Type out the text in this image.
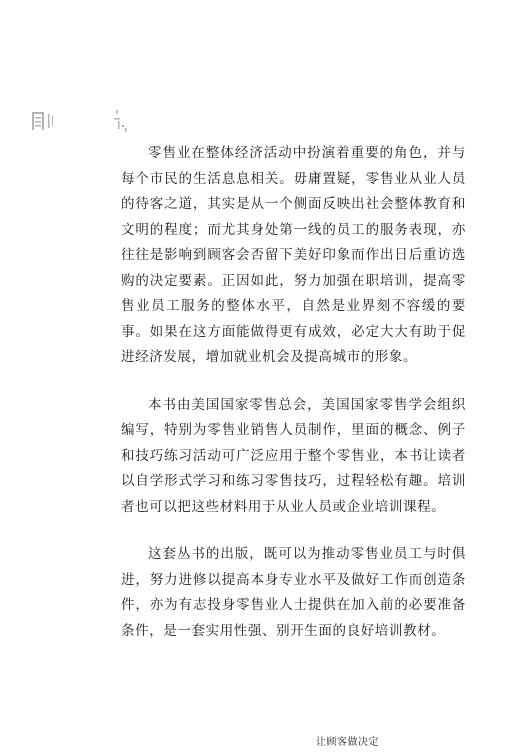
零售业在整体经济活动中扮演着重要的角色，并与每个市民的生活息息相关。毋庸置疑，零售业从业人员的待客之道，其实是从一个侧面反映出社会整体教育和文明的程度；而尤其身处第一线的员工的服务表现，亦往往是影响到顾客会否留下美好印象而作出日后重访选购的决定要素。正因如此，努力加强在职培训，提高零售业员工服务的整体水平，自然是业界刻不容缓的要事。如果在这方面能做得更有成效，必定大大有助于促进经济发展，增加就业机会及提高城市的形象。

本书由美国国家零售总会，美国国家零售学会组织编写，特别为零售业销售人员制作，里面的概念、例子和技巧练习活动可广泛应用于整个零售业，本书让读者以自学形式学习和练习零售技巧，过程轻松有趣。培训者也可以把这些材料用于从业人员或企业培训课程。

这套丛书的出版，既可以为推动零售业员工与时俱进，努力进修以提高本身专业水平及做好工作而创造条件，亦为有志投身零售业人士提供在加入前的必要准备条件，是一套实用性强、别开生面的良好培训教材。

让顾客做决定
